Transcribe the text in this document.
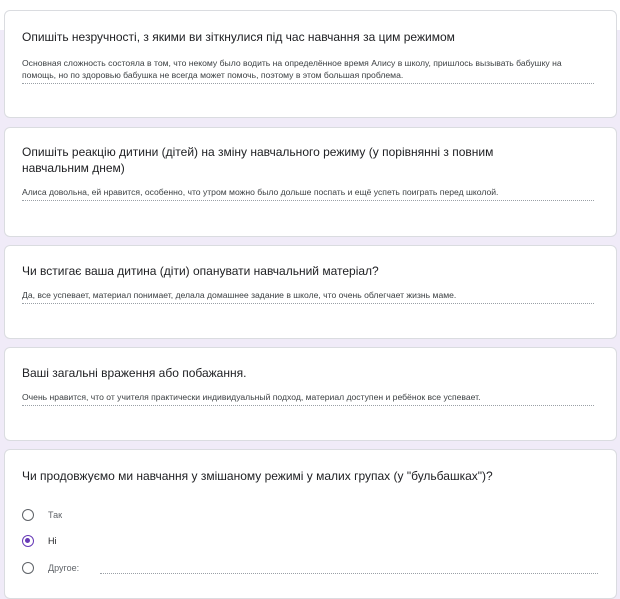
Опишіть незручності, з якими ви зіткнулися під час навчання за цим режимом
Основная сложность состояла в том, что некому было водить на определённое время Алису в школу, пришлось вызывать бабушку на помощь, но по здоровью бабушка не всегда может помочь, поэтому в этом большая проблема.
Опишіть реакцію дитини (дітей) на зміну навчального режиму (у порівнянні з повним навчальним днем)
Алиса довольна, ей нравится, особенно, что утром можно было дольше поспать и ещё успеть поиграть перед школой.
Чи встигає ваша дитина (діти) опанувати навчальний матеріал?
Да, все успевает, материал понимает, делала домашнее задание в школе, что очень облегчает жизнь маме.
Ваші загальні враження або побажання.
Очень нравится, что от учителя практически индивидуальный подход, материал доступен и ребёнок все успевает.
Чи продовжуємо ми навчання у змішаному режимі у малих групах (у "бульбашках")?
Так
Ні
Другое:
